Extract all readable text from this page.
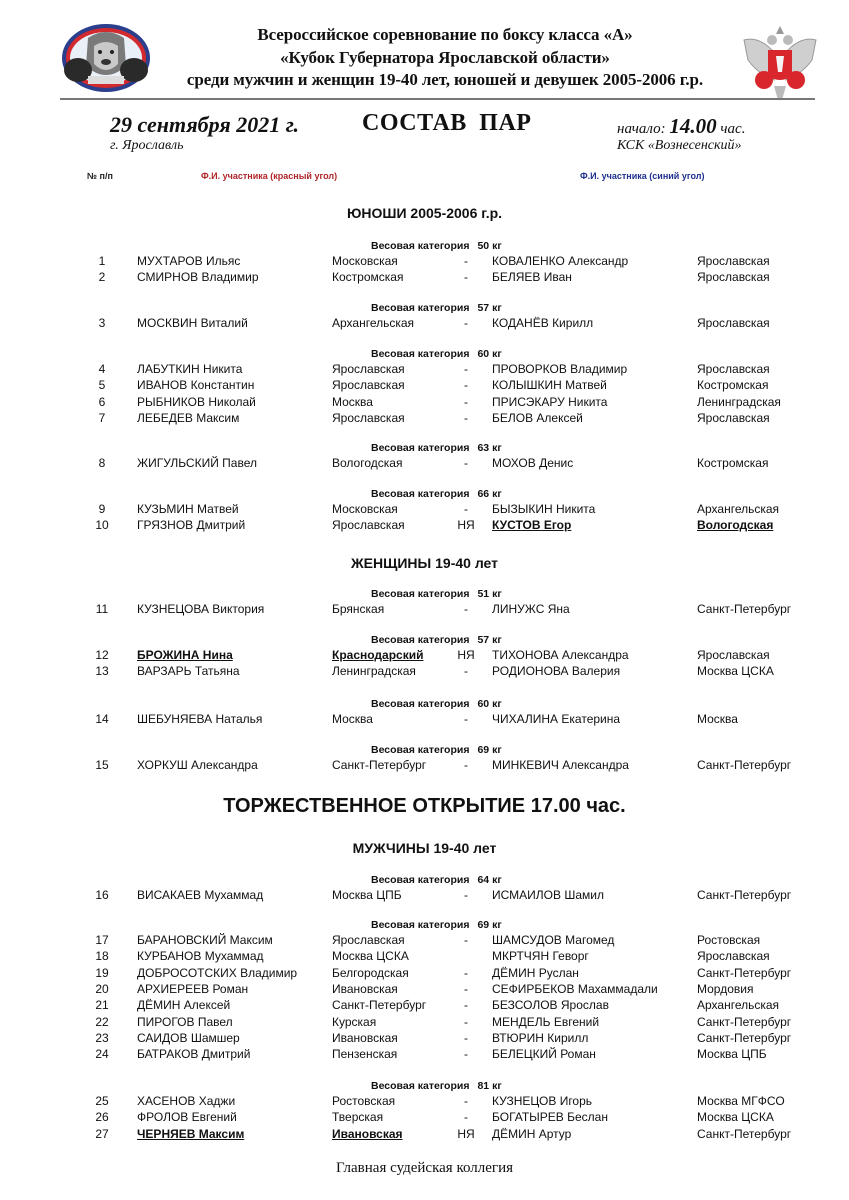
Всероссийское соревнование по боксу класса «А»
«Кубок Губернатора Ярославской области»
среди мужчин и женщин 19-40 лет, юношей и девушек 2005-2006 г.р.
29 сентября 2021 г.
г. Ярославль
СОСТАВ ПАР	начало: 14.00 час.
КСК «Вознесенский»
№ п/п	Ф.И. участника (красный угол)	Ф.И. участника (синий угол)
ЮНОШИ 2005-2006 г.р.
Весовая категория 50 кг
1	МУХТАРОВ Ильяс	Московская	-	КОВАЛЕНКО Александр	Ярославская
2	СМИРНОВ Владимир	Костромская	-	БЕЛЯЕВ Иван	Ярославская
Весовая категория 57 кг
3	МОСКВИН Виталий	Архангельская	-	КОДАНЁВ Кирилл	Ярославская
Весовая категория 60 кг
4	ЛАБУТКИН Никита	Ярославская	-	ПРОВОРКОВ Владимир	Ярославская
5	ИВАНОВ Константин	Ярославская	-	КОЛЫШКИН Матвей	Костромская
6	РЫБНИКОВ Николай	Москва	-	ПРИСЭКАРУ Никита	Ленинградская
7	ЛЕБЕДЕВ Максим	Ярославская	-	БЕЛОВ Алексей	Ярославская
Весовая категория 63 кг
8	ЖИГУЛЬСКИЙ Павел	Вологодская	-	МОХОВ Денис	Костромская
Весовая категория 66 кг
9	КУЗЬМИН Матвей	Московская	-	БЫЗЫКИН Никита	Архангельская
10 ГРЯЗНОВ Дмитрий	Ярославская	НЯ КУСТОВ Егор	Вологодская
ЖЕНЩИНЫ 19-40 лет
Весовая категория 51 кг
11 КУЗНЕЦОВА Виктория	Брянская	-	ЛИНУЖС Яна	Санкт-Петербург
Весовая категория 57 кг
12 БРОЖИНА Нина	Краснодарский	НЯ ТИХОНОВА Александра	Ярославская
13 ВАРЗАРЬ Татьяна	Ленинградская	-	РОДИОНОВА Валерия	Москва ЦСКА
Весовая категория 60 кг
14 ШЕБУНЯЕВА Наталья	Москва	-	ЧИХАЛИНА Екатерина	Москва
Весовая категория 69 кг
15 ХОРКУШ Александра	Санкт-Петербург	-	МИНКЕВИЧ Александра	Санкт-Петербург
МУЖЧИНЫ 19-40 лет
ТОРЖЕСТВЕННОЕ ОТКРЫТИЕ 17.00 час.
Весовая категория 64 кг
16 ВИСАКАЕВ Мухаммад	Москва ЦПБ	-	ИСМАИЛОВ Шамил	Санкт-Петербург
Весовая категория 69 кг
17 БАРАНОВСКИЙ Максим	Ярославская	-	ШАМСУДОВ Магомед	Ростовская
18 КУРБАНОВ Мухаммад	Москва ЦСКА	МКРТЧЯН Геворг	Ярославская
19 ДОБРОСОТСКИХ Владимир	Белгородская	-	ДЁМИН Руслан	Санкт-Петербург
20 АРХИЕРЕЕВ Роман	Ивановская	-	СЕФИРБЕКОВ Махаммадали	Мордовия
21 ДЁМИН Алексей	Санкт-Петербург	-	БЕЗСОЛОВ Ярослав	Архангельская
22 ПИРОГОВ Павел	Курская	-	МЕНДЕЛЬ Евгений	Санкт-Петербург
23 САИДОВ Шамшер	Ивановская	-	ВТЮРИН Кирилл	Санкт-Петербург
24 БАТРАКОВ Дмитрий	Пензенская	-	БЕЛЕЦКИЙ Роман	Москва ЦПБ
Весовая категория 81 кг
25 ХАСЕНОВ Хаджи	Ростовская	-	КУЗНЕЦОВ Игорь	Москва МГФСО
26 ФРОЛОВ Евгений	Тверская	-	БОГАТЫРЕВ Беслан	Москва ЦСКА
27 ЧЕРНЯЕВ Максим	Ивановская	НЯ ДЁМИН Артур	Санкт-Петербург
Главная судейская коллегия
